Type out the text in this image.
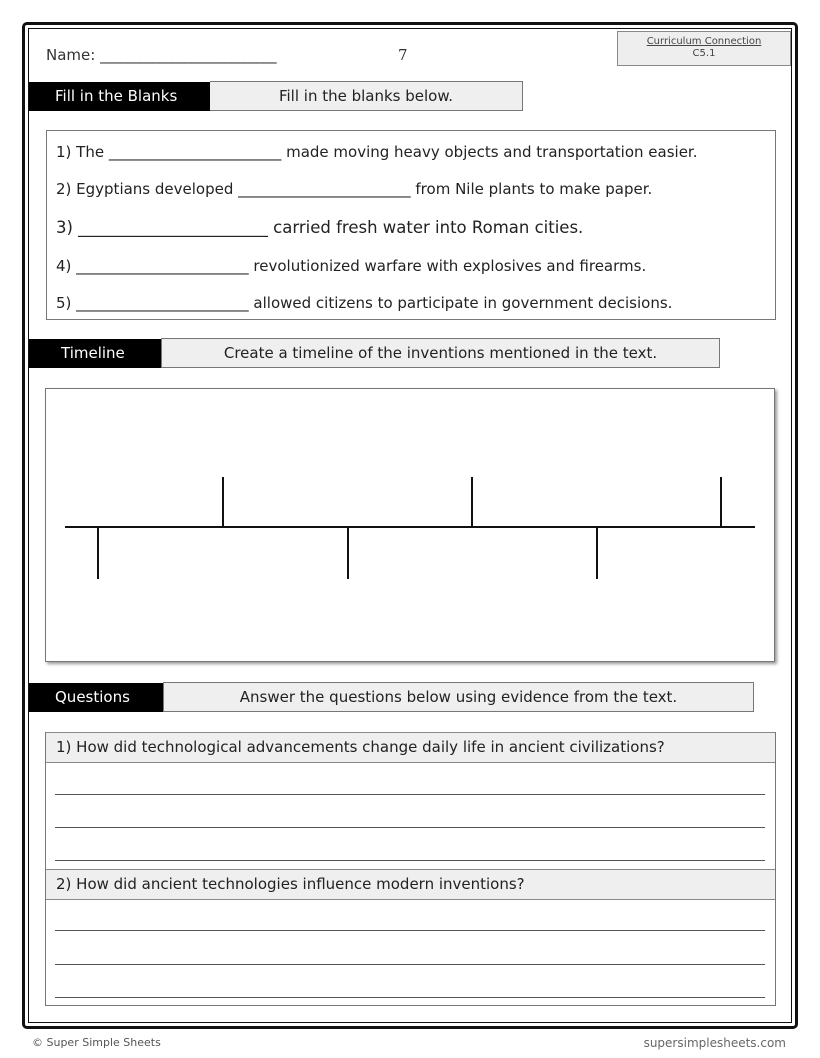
Name: ___________________________	7
Curriculum Connection
C5.1
Fill in the Blanks	Fill in the blanks below.
1) The _______________________ made moving heavy objects and transportation easier.
2) Egyptians developed _______________________ from Nile plants to make paper.
3) _______________________ carried fresh water into Roman cities.
4) _______________________ revolutionized warfare with explosives and firearms.
5) _______________________ allowed citizens to participate in government decisions.
Timeline	Create a timeline of the inventions mentioned in the text.
Questions	Answer the questions below using evidence from the text.
1) How did technological advancements change daily life in ancient civilizations?
2) How did ancient technologies influence modern inventions?
© Super Simple Sheets	supersimplesheets.com
